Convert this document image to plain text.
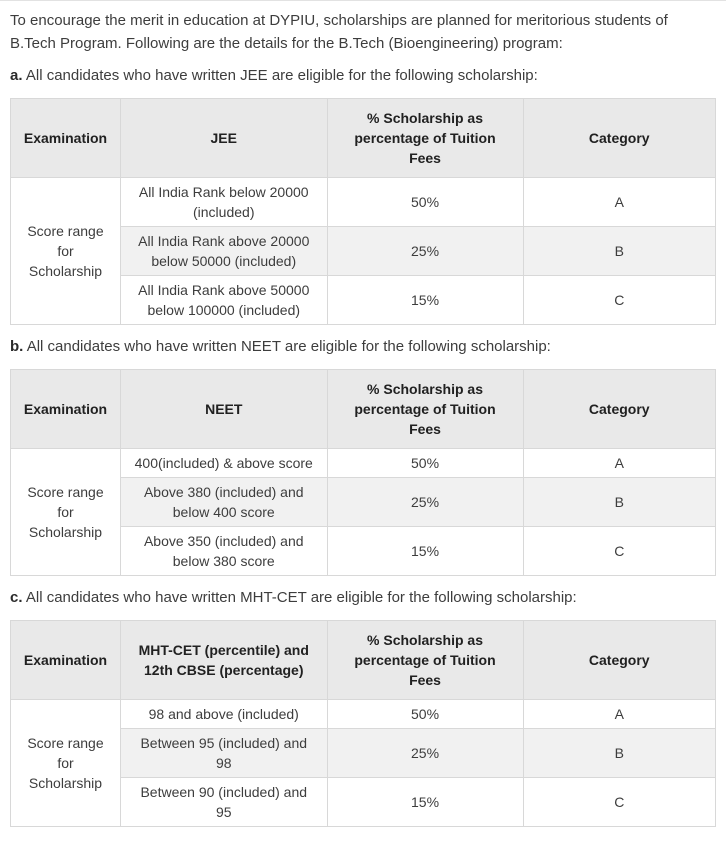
To encourage the merit in education at DYPIU, scholarships are planned for meritorious students of B.Tech Program. Following are the details for the B.Tech (Bioengineering) program:

a. All candidates who have written JEE are eligible for the following scholarship:

Examination	JEE	% Scholarship as percentage of Tuition Fees	Category
Score range for Scholarship	All India Rank below 20000 (included)	50%	A
	All India Rank above 20000 below 50000 (included)	25%	B
	All India Rank above 50000 below 100000 (included)	15%	C

b. All candidates who have written NEET are eligible for the following scholarship:

Examination	NEET	% Scholarship as percentage of Tuition Fees	Category
Score range for Scholarship	400(included) & above score	50%	A
	Above 380 (included) and below 400 score	25%	B
	Above 350 (included) and below 380 score	15%	C

c. All candidates who have written MHT-CET are eligible for the following scholarship:

Examination	MHT-CET (percentile) and 12th CBSE (percentage)	% Scholarship as percentage of Tuition Fees	Category
Score range for Scholarship	98 and above (included)	50%	A
	Between 95 (included) and 98	25%	B
	Between 90 (included) and 95	15%	C
